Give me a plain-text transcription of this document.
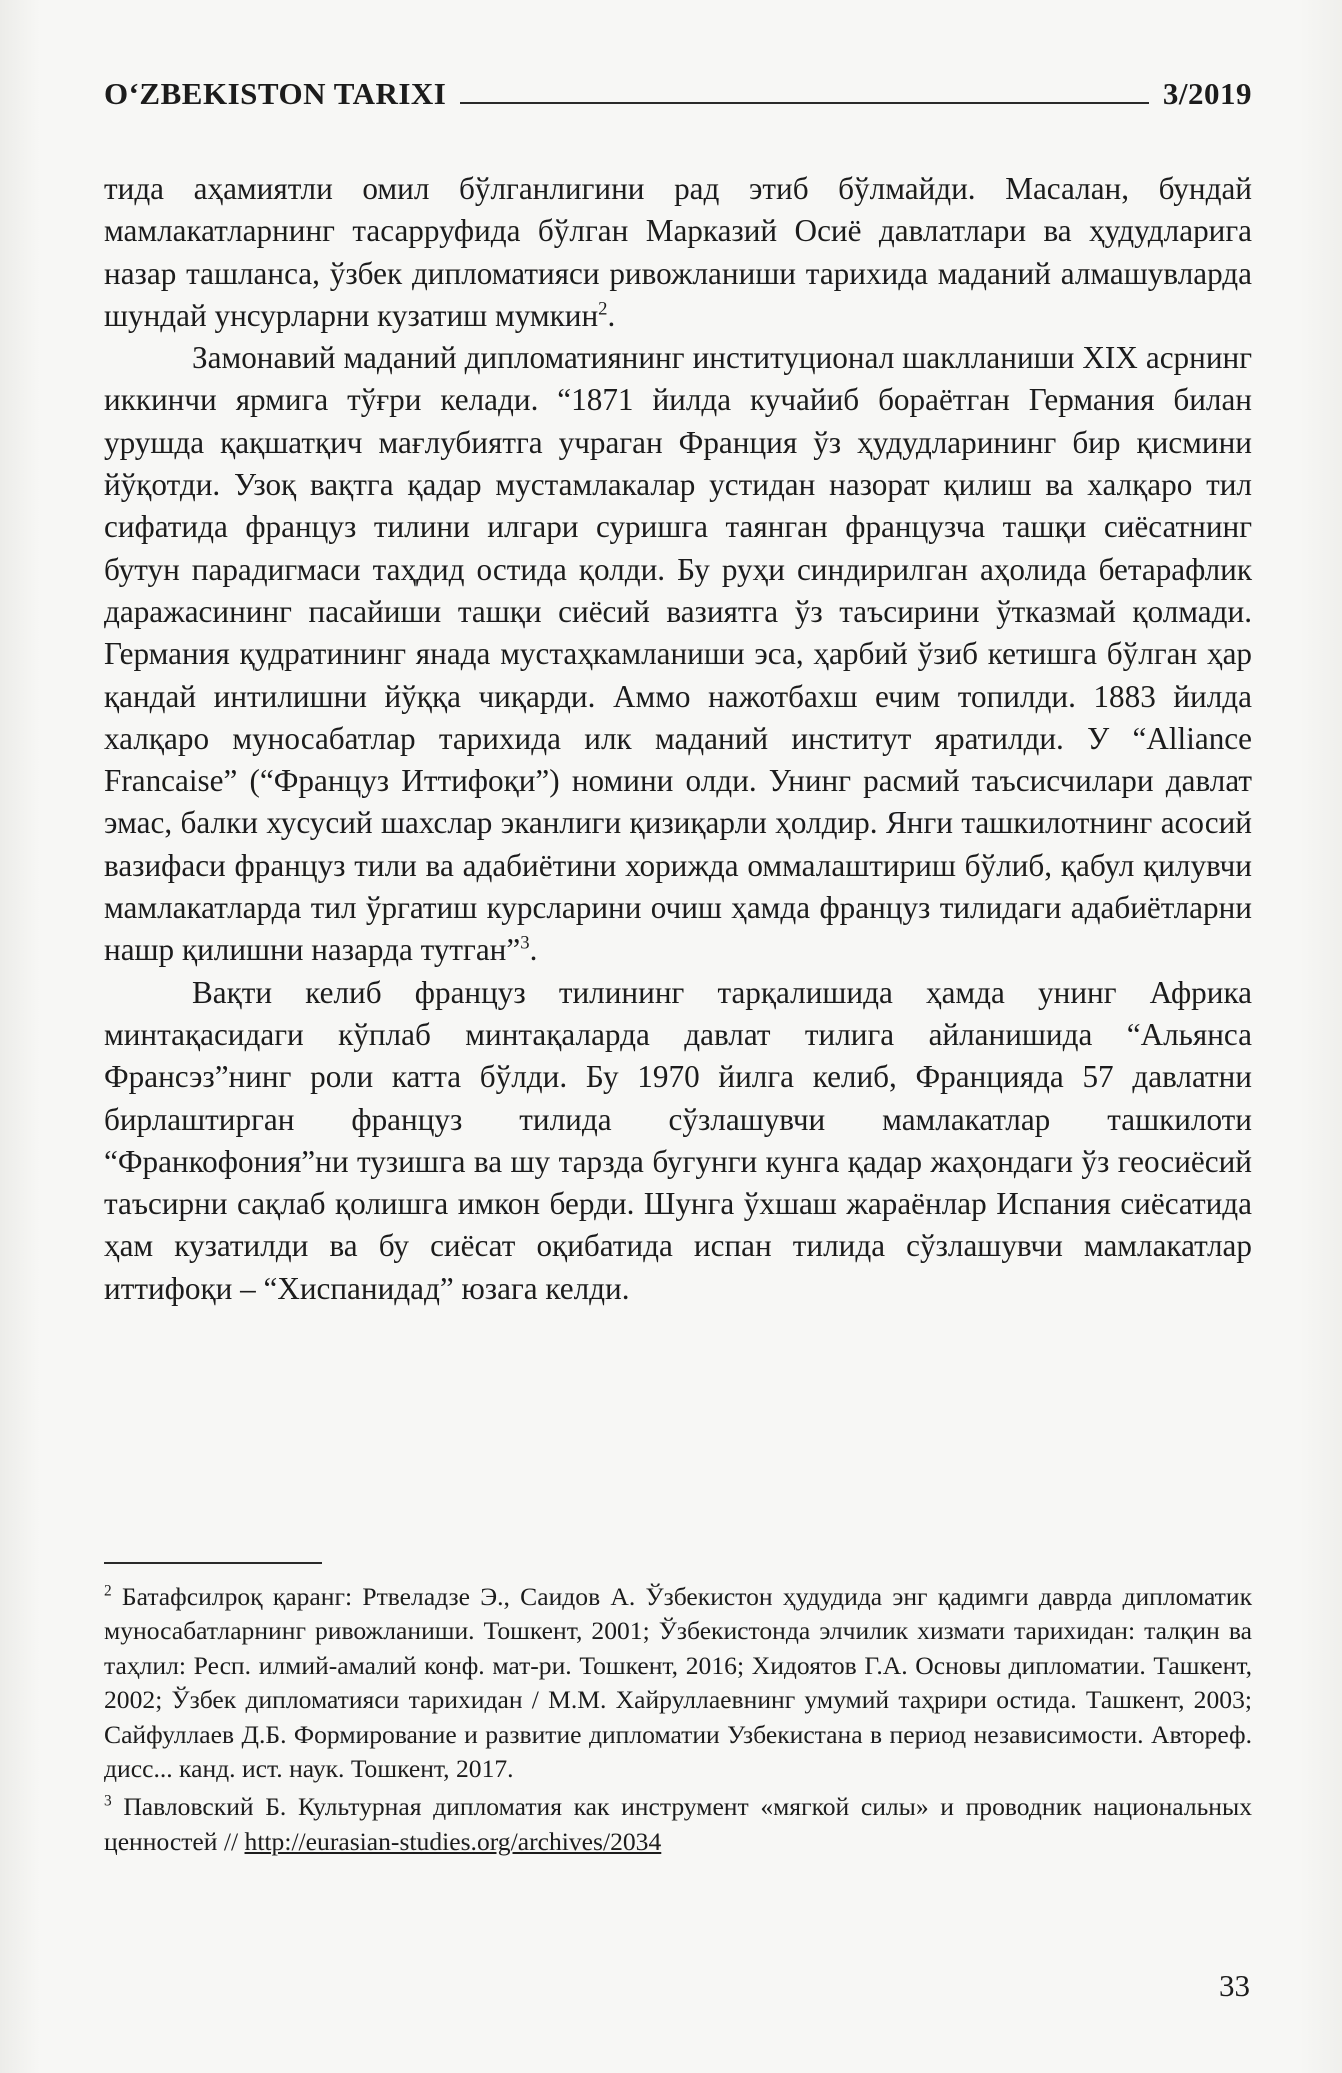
O‘ZBEKISTON TARIXI	3/2019

тида аҳамиятли омил бўлганлигини рад этиб бўлмайди. Масалан, бундай мамлакатларнинг тасарруфида бўлган Марказий Осиё давлатлари ва ҳудудларига назар ташланса, ўзбек дипломатияси ривожланиши тарихида маданий алмашувларда шундай унсурларни кузатиш мумкин$^2$.

Замонавий маданий дипломатиянинг институционал шаклланиши XIX асрнинг иккинчи ярмига тўғри келади. “1871 йилда кучайиб бораётган Германия билан урушда қақшатқич мағлубиятга учраган Франция ўз ҳудудларининг бир қисмини йўқотди. Узоқ вақтга қадар мустамлакалар устидан назорат қилиш ва халқаро тил сифатида француз тилини илгари суришга таянган французча ташқи сиёсатнинг бутун парадигмаси таҳдид остида қолди. Бу руҳи синдирилган аҳолида бетарафлик даражасининг пасайиши ташқи сиёсий вазиятга ўз таъсирини ўтказмай қолмади. Германия қудратининг янада мустаҳкамланиши эса, ҳарбий ўзиб кетишга бўлган ҳар қандай интилишни йўққа чиқарди. Аммо нажотбахш ечим топилди. 1883 йилда халқаро муносабатлар тарихида илк маданий институт яратилди. У “Alliance Francaise” (“Француз Иттифоқи”) номини олди. Унинг расмий таъсисчилари давлат эмас, балки хусусий шахслар эканлиги қизиқарли ҳолдир. Янги ташкилотнинг асосий вазифаси француз тили ва адабиётини хорижда оммалаштириш бўлиб, қабул қилувчи мамлакатларда тил ўргатиш курсларини очиш ҳамда француз тилидаги адабиётларни нашр қилишни назарда тутган”$^3$.

Вақти келиб француз тилининг тарқалишида ҳамда унинг Африка минтақасидаги кўплаб минтақаларда давлат тилига айланишида “Альянса Франсэз”нинг роли катта бўлди. Бу 1970 йилга келиб, Францияда 57 давлатни бирлаштирган француз тилида сўзлашувчи мамлакатлар ташкилоти “Франкофония”ни тузишга ва шу тарзда бугунги кунга қадар жаҳондаги ўз геосиёсий таъсирни сақлаб қолишга имкон берди. Шунга ўхшаш жараёнлар Испания сиёсатида ҳам кузатилди ва бу сиёсат оқибатида испан тилида сўзлашувчи мамлакатлар иттифоқи – “Хиспанидад” юзага келди.

$^2$ Батафсилроқ қаранг: Ртвеладзе Э., Саидов А. Ўзбекистон ҳудудида энг қадимги даврда дипломатик муносабатларнинг ривожланиши. Тошкент, 2001; Ўзбекистонда элчилик хизмати тарихидан: талқин ва таҳлил: Респ. илмий-амалий конф. мат-ри. Тошкент, 2016; Хидоятов Г.А. Основы дипломатии. Ташкент, 2002; Ўзбек дипломатияси тарихидан / М.М. Хайруллаевнинг умумий таҳрири остида. Ташкент, 2003; Сайфуллаев Д.Б. Формирование и развитие дипломатии Узбекистана в период независимости. Автореф. дисс... канд. ист. наук. Тошкент, 2017.

$^3$ Павловский Б. Культурная дипломатия как инструмент «мягкой силы» и проводник национальных ценностей // http://eurasian-studies.org/archives/2034

33
